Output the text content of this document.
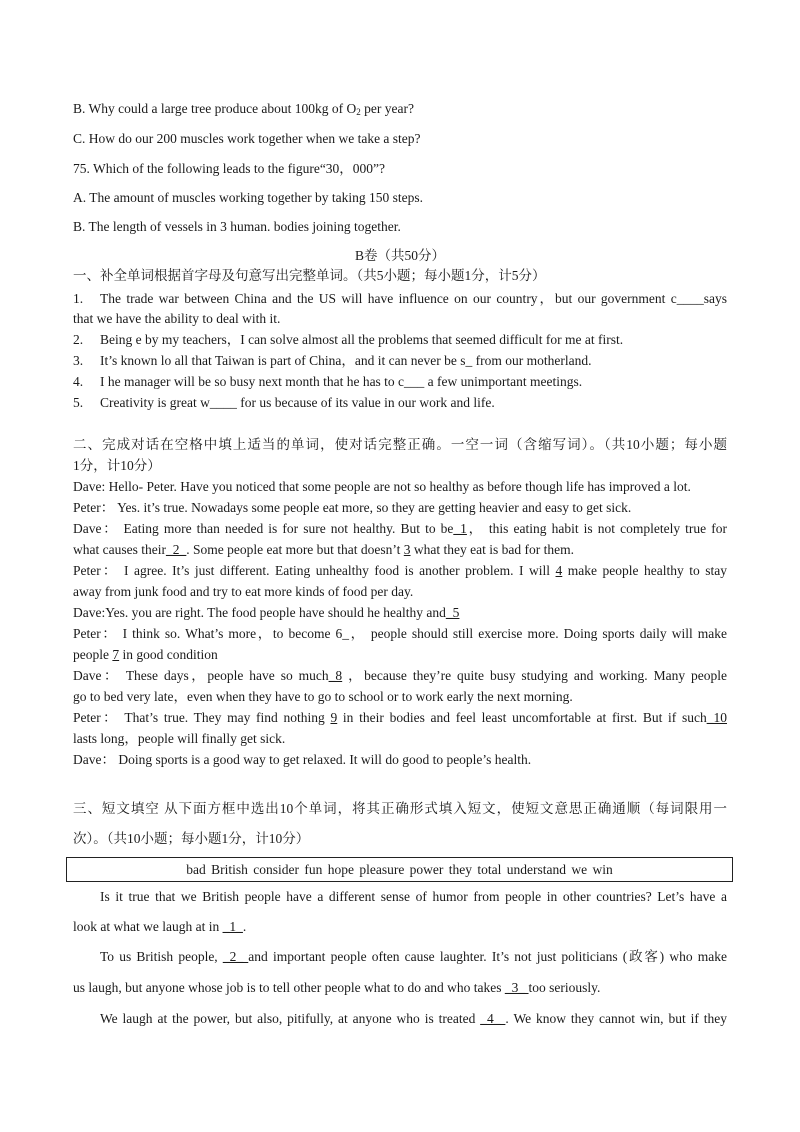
B. Why could a large tree produce about 100kg of $O_2$ per year?
C. How do our 200 muscles work together when we take a step?
75. Which of the following leads to the figure“30，000”?
A. The amount of muscles working together by taking 150 steps.
B. The length of vessels in 3 human. bodies joining together.
B卷（共50分）
一、补全单词根据首字母及句意写出完整单词。（共5小题；每小题1分，计5分）
1. The trade war between China and the US will have influence on our country，but our government c____says
that we have the ability to deal with it.
2. Being e by my teachers，I can solve almost all the problems that seemed difficult for me at first.
3. It’s known lo all that Taiwan is part of China，and it can never be s_ from our motherland.
4. I he manager will be so busy next month that he has to c___ a few unimportant meetings.
5. Creativity is great w____ for us because of its value in our work and life.
二、完成对话在空格中填上适当的单词，使对话完整正确。一空一词（含缩写词）。（共10小题；每小题
1分，计10分）
Dave: Hello- Peter. Have you noticed that some people are not so healthy as before though life has improved a lot.
Peter： Yes. it’s true. Nowadays some people eat more, so they are getting heavier and easy to get sick.
Dave： Eating more than needed is for sure not healthy. But to be_1， this eating habit is not completely true for
what causes their_2_. Some people eat more but that doesn’t 3 what they eat is bad for them.
Peter： I agree. It’s just different. Eating unhealthy food is another problem. I will 4 make people healthy to stay
away from junk food and try to eat more kinds of food per day.
Dave:Yes. you are right. The food people have should he healthy and_5
Peter： I think so. What’s more，to become 6_， people should still exercise more. Doing sports daily will make
people 7 in good condition
Dave： These days，people have so much_8 ，because they’re quite busy studying and working. Many people
go to bed very late，even when they have to go to school or to work early the next morning.
Peter： That’s true. They may find nothing 9 in their bodies and feel least uncomfortable at first. But if such_10
lasts long，people will finally get sick.
Dave： Doing sports is a good way to get relaxed. It will do good to people’s health.
三、短文填空 从下面方框中选出10个单词，将其正确形式填入短文，使短文意思正确通顺（每词限用一
次）。（共10小题；每小题1分，计10分）
bad British consider fun hope pleasure power they total understand we win
Is it true that we British people have a different sense of humor from people in other countries? Let’s have a
look at what we laugh at in _1_.
To us British people, _2_ and important people often cause laughter. It’s not just politicians (政客) who make
us laugh, but anyone whose job is to tell other people what to do and who takes _3_ too seriously.
We laugh at the power, but also, pitifully, at anyone who is treated _4_ . We know they cannot win, but if they
